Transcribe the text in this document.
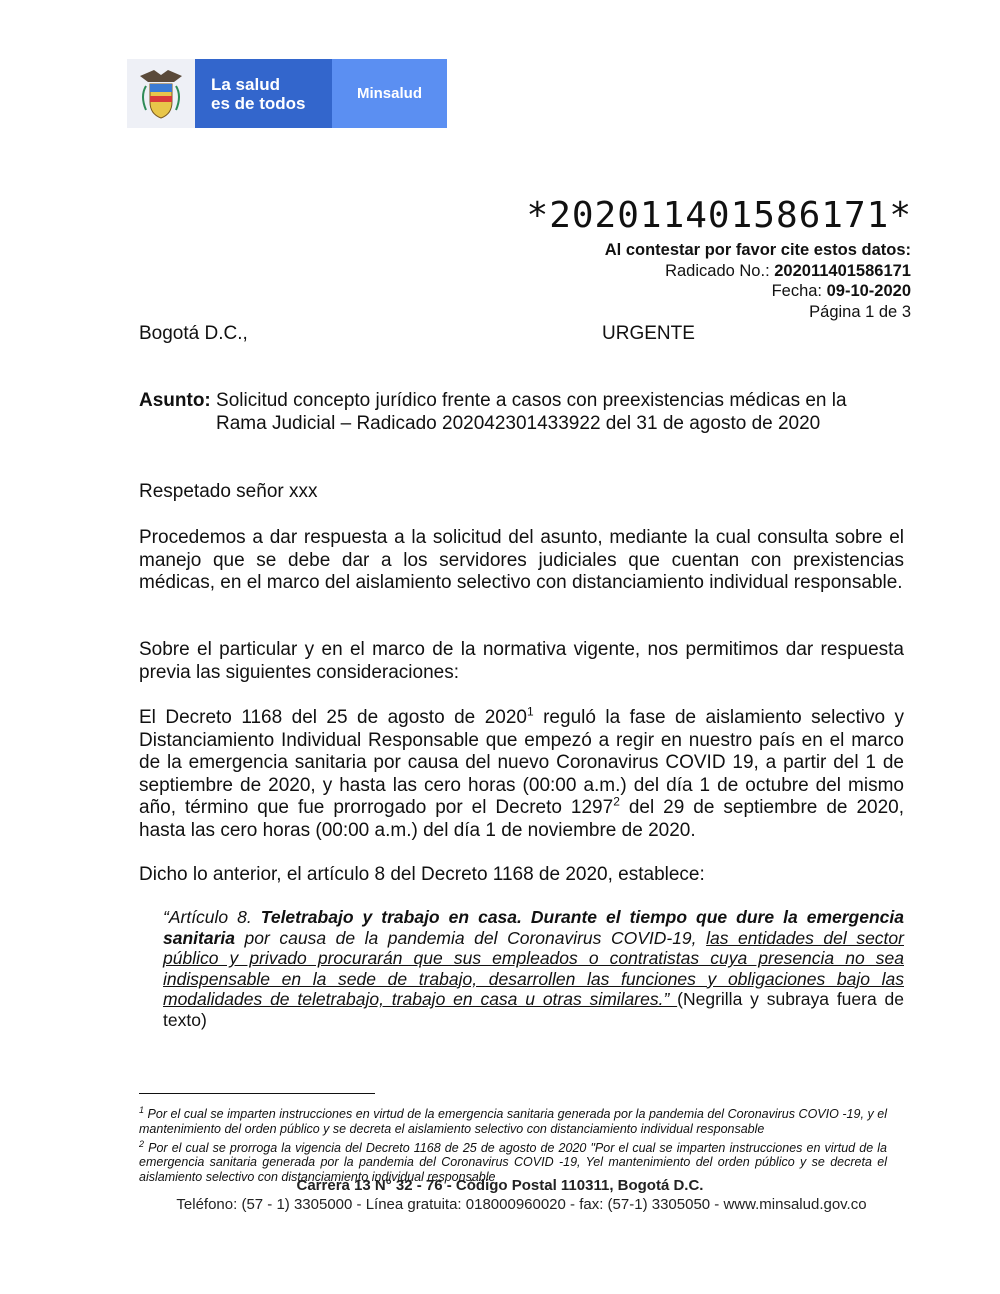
La salud
es de todos	Minsalud
*202011401586171*
Al contestar por favor cite estos datos:
Radicado No.: 202011401586171
Fecha: 09-10-2020
Página 1 de 3
Bogotá D.C.,	URGENTE
Asunto: Solicitud concepto jurídico frente a casos con preexistencias médicas en la
Rama Judicial – Radicado 202042301433922 del 31 de agosto de 2020
Respetado señor xxx
Procedemos a dar respuesta a la solicitud del asunto, mediante la cual consulta sobre el manejo que se debe dar a los servidores judiciales que cuentan con prexistencias médicas, en el marco del aislamiento selectivo con distanciamiento individual responsable.
Sobre el particular y en el marco de la normativa vigente, nos permitimos dar respuesta previa las siguientes consideraciones:
El Decreto 1168 del 25 de agosto de 2020$^1$ reguló la fase de aislamiento selectivo y Distanciamiento Individual Responsable que empezó a regir en nuestro país en el marco de la emergencia sanitaria por causa del nuevo Coronavirus COVID 19, a partir del 1 de septiembre de 2020, y hasta las cero horas (00:00 a.m.) del día 1 de octubre del mismo año, término que fue prorrogado por el Decreto 1297$^2$ del 29 de septiembre de 2020, hasta las cero horas (00:00 a.m.) del día 1 de noviembre de 2020.
Dicho lo anterior, el artículo 8 del Decreto 1168 de 2020, establece:
“Artículo 8. Teletrabajo y trabajo en casa. Durante el tiempo que dure la emergencia sanitaria por causa de la pandemia del Coronavirus COVID-19, las entidades del sector público y privado procurarán que sus empleados o contratistas cuya presencia no sea indispensable en la sede de trabajo, desarrollen las funciones y obligaciones bajo las modalidades de teletrabajo, trabajo en casa u otras similares.” (Negrilla y subraya fuera de texto)
$^1$ Por el cual se imparten instrucciones en virtud de la emergencia sanitaria generada por la pandemia del Coronavirus COVIO -19, y el mantenimiento del orden público y se decreta el aislamiento selectivo con distanciamiento individual responsable
$^2$ Por el cual se prorroga la vigencia del Decreto 1168 de 25 de agosto de 2020 "Por el cual se imparten instrucciones en virtud de la emergencia sanitaria generada por la pandemia del Coronavirus COVID -19, Yel mantenimiento del orden público y se decreta el aislamiento selectivo con distanciamiento individual responsable
Carrera 13 N° 32 - 76 - Código Postal 110311, Bogotá D.C.
Teléfono: (57 - 1) 3305000 - Línea gratuita: 018000960020 - fax: (57-1) 3305050 - www.minsalud.gov.co
